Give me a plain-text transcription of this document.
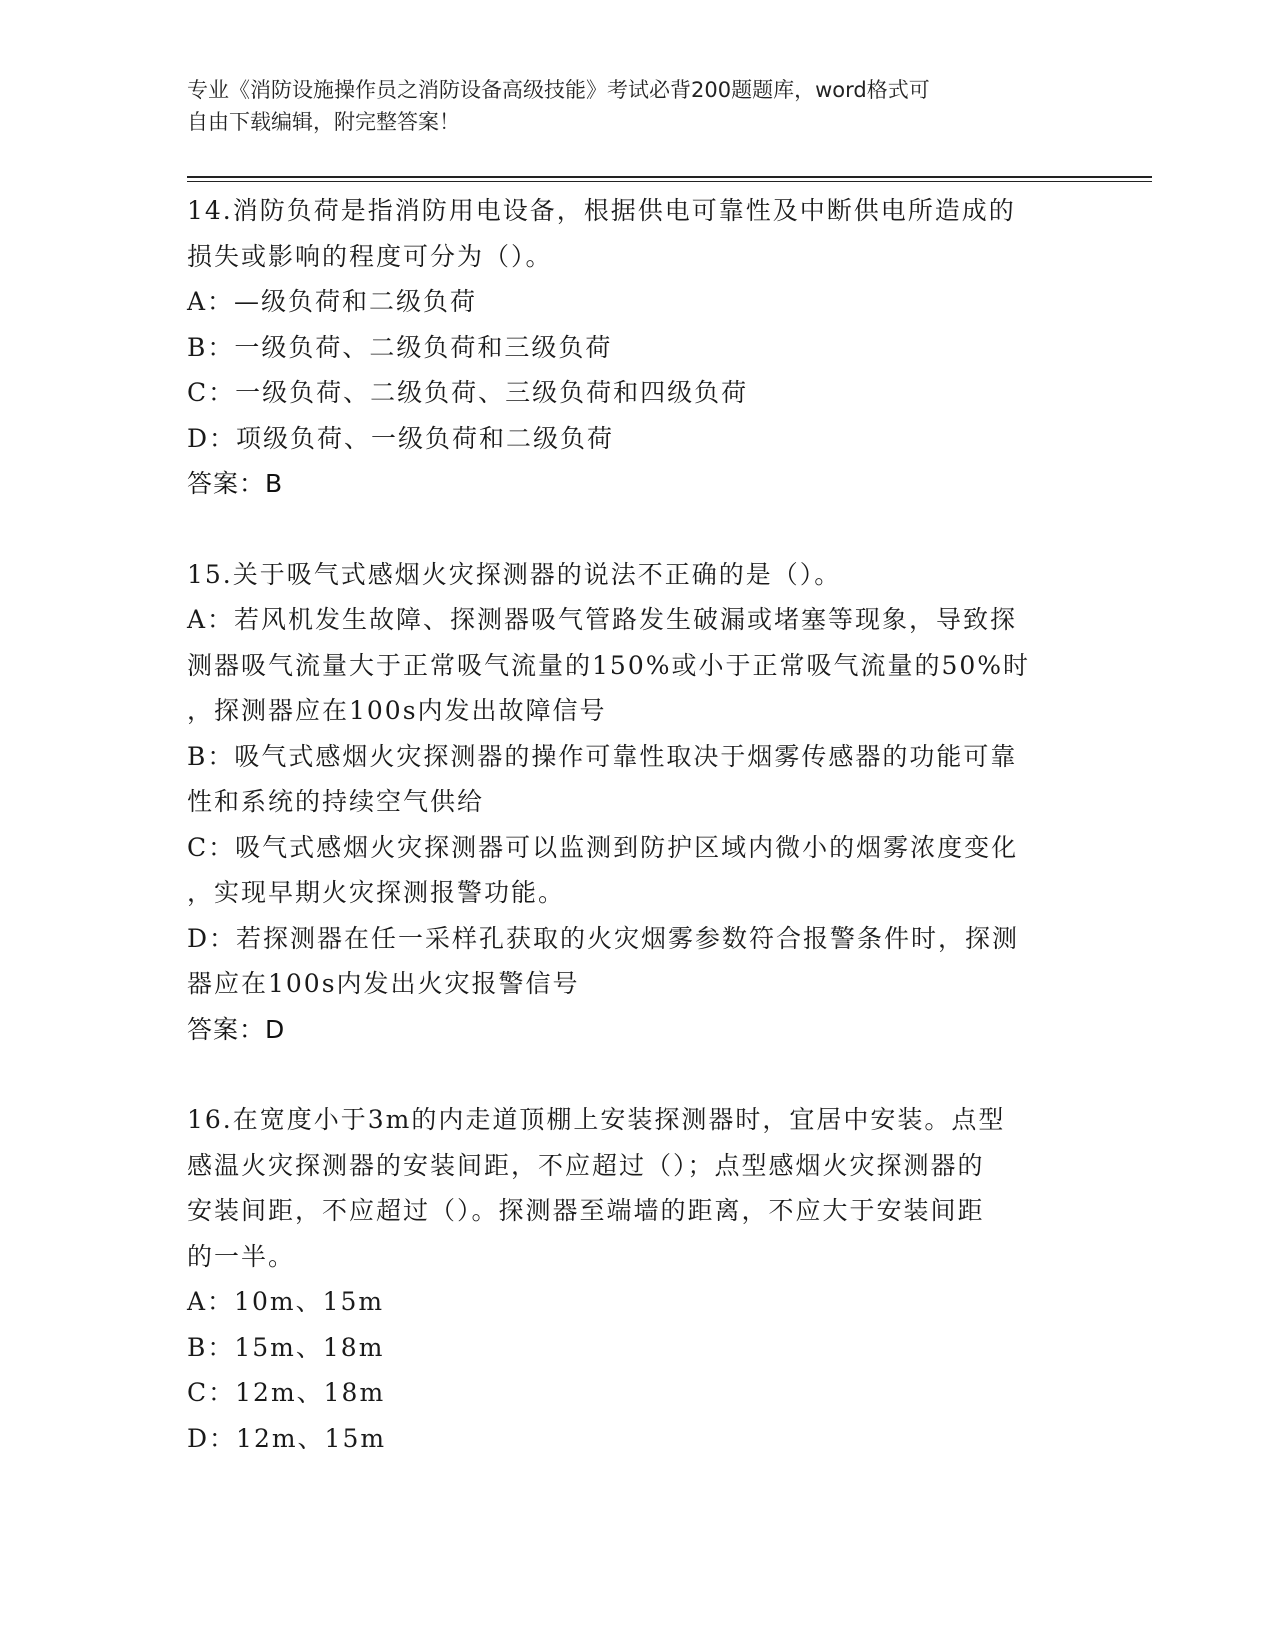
专业《消防设施操作员之消防设备高级技能》考试必背200题题库，word格式可
自由下载编辑，附完整答案！
14.消防负荷是指消防用电设备，根据供电可靠性及中断供电所造成的
损失或影响的程度可分为（）。
A：—级负荷和二级负荷
B：一级负荷、二级负荷和三级负荷
C：一级负荷、二级负荷、三级负荷和四级负荷
D：项级负荷、一级负荷和二级负荷
答案：B
15.关于吸气式感烟火灾探测器的说法不正确的是（）。
A：若风机发生故障、探测器吸气管路发生破漏或堵塞等现象，导致探
测器吸气流量大于正常吸气流量的150%或小于正常吸气流量的50%时
，探测器应在100s内发出故障信号
B：吸气式感烟火灾探测器的操作可靠性取决于烟雾传感器的功能可靠
性和系统的持续空气供给
C：吸气式感烟火灾探测器可以监测到防护区域内微小的烟雾浓度变化
，实现早期火灾探测报警功能。
D：若探测器在任一采样孔获取的火灾烟雾参数符合报警条件时，探测
器应在100s内发出火灾报警信号
答案：D
16.在宽度小于3m的内走道顶棚上安装探测器时，宜居中安装。点型
感温火灾探测器的安装间距，不应超过（）；点型感烟火灾探测器的
安装间距，不应超过（）。探测器至端墙的距离，不应大于安装间距
的一半。
A：10m、15m
B：15m、18m
C：12m、18m
D：12m、15m
